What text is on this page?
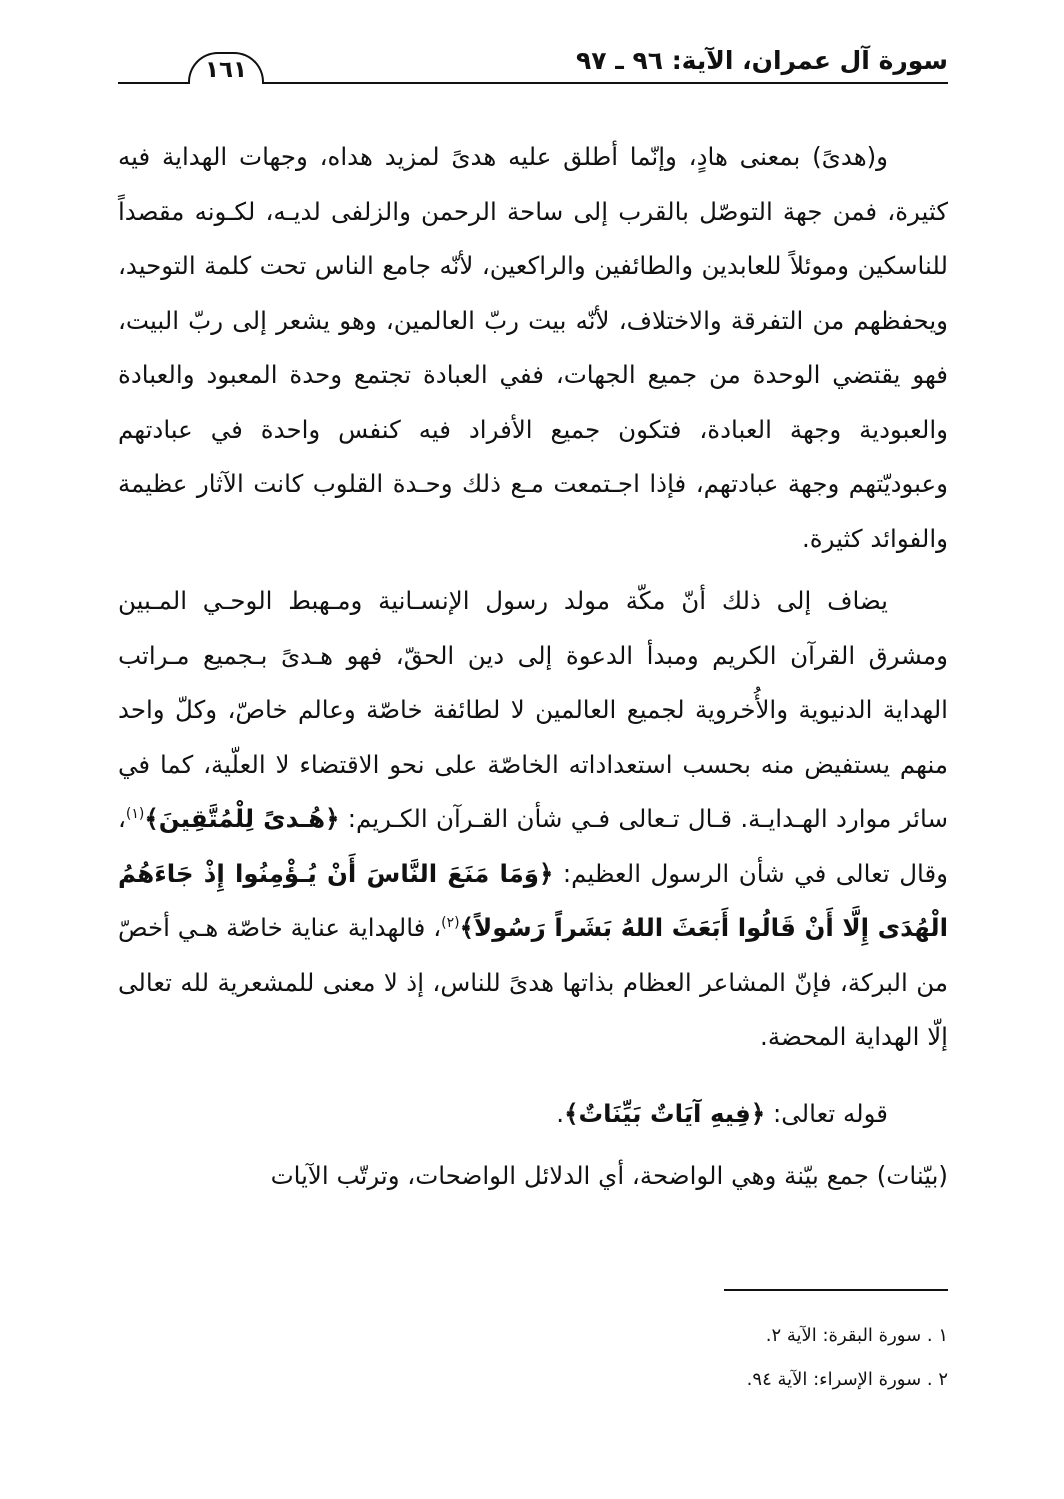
سورة آل عمران، الآية: ٩٦ ـ ٩٧
١٦١

و(هدىً) بمعنى هادٍ، وإنّما أطلق عليه هدىً لمزيد هداه، وجهات الهداية فيه كثيرة، فمن جهة التوصّل بالقرب إلى ساحة الرحمن والزلفى لديـه، لكـونه مقصداً للناسكين وموئلاً للعابدين والطائفين والراكعين، لأنّه جامع الناس تحت كلمة التوحيد، ويحفظهم من التفرقة والاختلاف، لأنّه بيت ربّ العالمين، وهو يشعر إلى ربّ البيت، فهو يقتضي الوحدة من جميع الجهات، ففي العبادة تجتمع وحدة المعبود والعبادة والعبودية وجهة العبادة، فتكون جميع الأفراد فيه كنفس واحدة في عبادتهم وعبوديّتهم وجهة عبادتهم، فإذا اجـتمعت مـع ذلك وحـدة القلوب كانت الآثار عظيمة والفوائد كثيرة.

يضاف إلى ذلك أنّ مكّة مولد رسول الإنسـانية ومـهبط الوحـي المـبين ومشرق القرآن الكريم ومبدأ الدعوة إلى دين الحقّ، فهو هـدىً بـجميع مـراتب الهداية الدنيوية والأُخروية لجميع العالمين لا لطائفة خاصّة وعالم خاصّ، وكلّ واحد منهم يستفيض منه بحسب استعداداته الخاصّة على نحو الاقتضاء لا العلّية، كما في سائر موارد الهـدايـة. قـال تـعالى فـي شأن القـرآن الكـريم: ﴿هُـدىً لِلْمُتَّقِينَ﴾$^{(١)}$، وقال تعالى في شأن الرسول العظيم: ﴿وَمَا مَنَعَ النَّاسَ أَنْ يُـؤْمِنُوا إِذْ جَاءَهُمُ الْهُدَى إِلَّا أَنْ قَالُوا أَبَعَثَ اللهُ بَشَراً رَسُولاً﴾$^{(٢)}$، فالهداية عناية خاصّة هـي أخصّ من البركة، فإنّ المشاعر العظام بذاتها هدىً للناس، إذ لا معنى للمشعرية لله تعالى إلّا الهداية المحضة.

قوله تعالى: ﴿فِيهِ آيَاتٌ بَيِّنَاتٌ﴾.

(بيّنات) جمع بيّنة وهي الواضحة، أي الدلائل الواضحات، وترتّب الآيات

١ . سورة البقرة: الآية ٢.
٢ . سورة الإسراء: الآية ٩٤.
